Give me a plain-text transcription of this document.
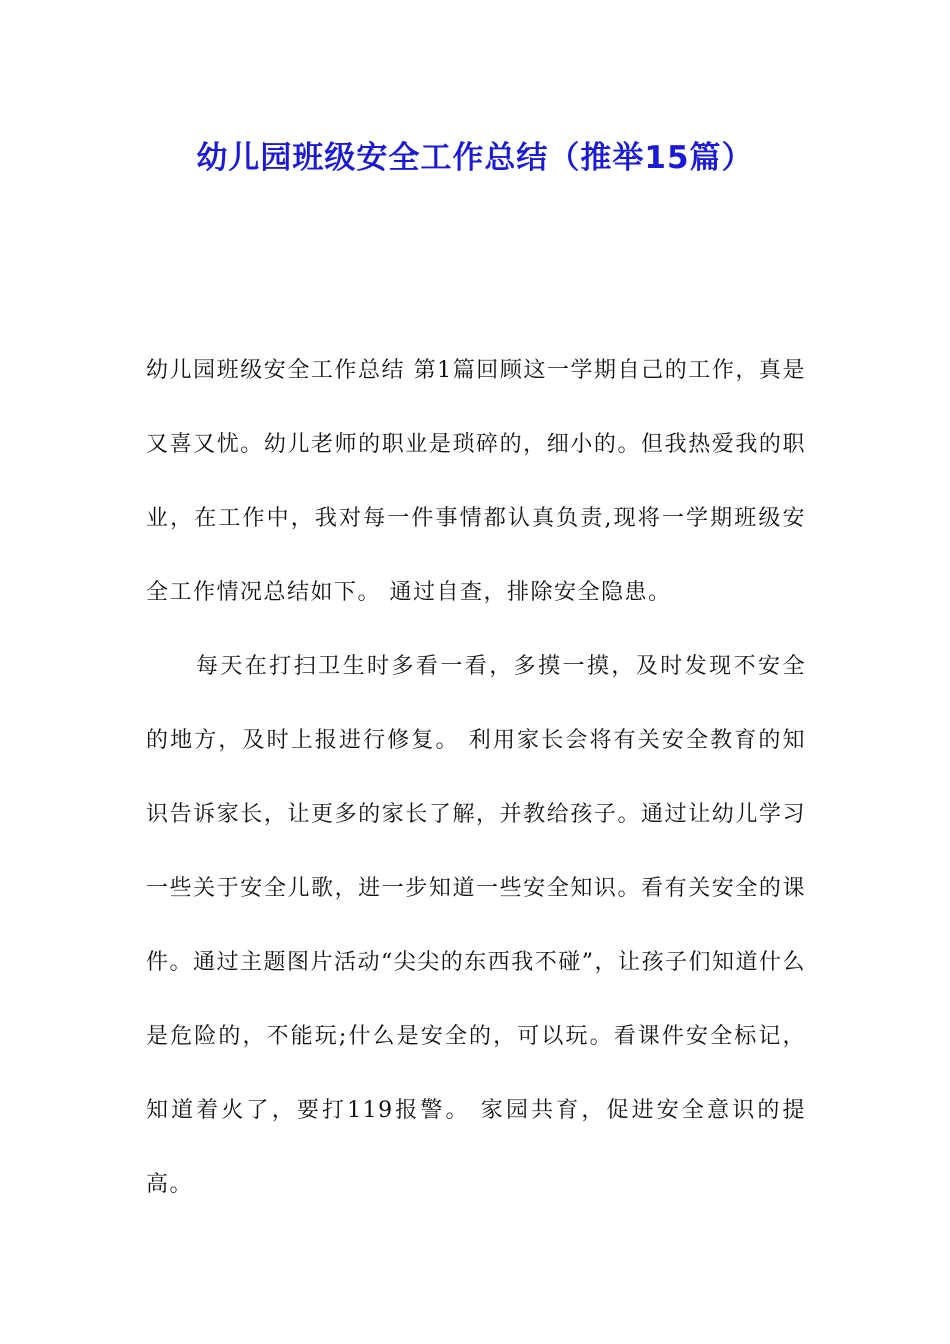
幼儿园班级安全工作总结（推举15篇）

幼儿园班级安全工作总结 第1篇回顾这一学期自己的工作，真是又喜又忧。幼儿老师的职业是琐碎的，细小的。但我热爱我的职业，在工作中，我对每一件事情都认真负责,现将一学期班级安全工作情况总结如下。 通过自查，排除安全隐患。

每天在打扫卫生时多看一看，多摸一摸，及时发现不安全的地方，及时上报进行修复。 利用家长会将有关安全教育的知识告诉家长，让更多的家长了解，并教给孩子。通过让幼儿学习一些关于安全儿歌，进一步知道一些安全知识。看有关安全的课件。通过主题图片活动“尖尖的东西我不碰”，让孩子们知道什么是危险的，不能玩;什么是安全的，可以玩。看课件安全标记，知道着火了，要打119报警。 家园共育，促进安全意识的提高。
